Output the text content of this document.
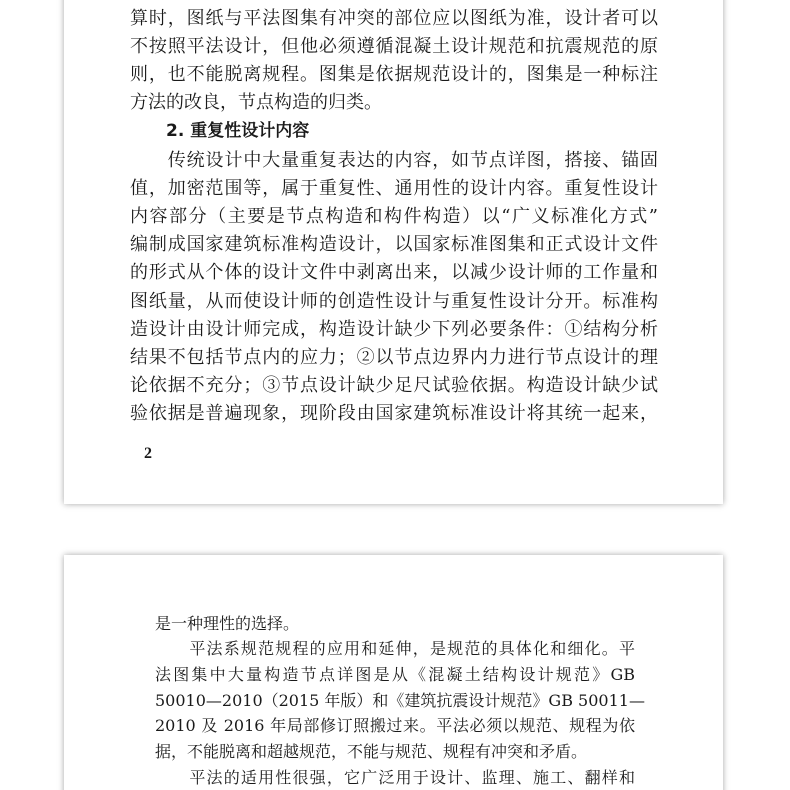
算时，图纸与平法图集有冲突的部位应以图纸为准，设计者可以
不按照平法设计，但他必须遵循混凝土设计规范和抗震规范的原
则，也不能脱离规程。图集是依据规范设计的，图集是一种标注
方法的改良，节点构造的归类。
2. 重复性设计内容
　　传统设计中大量重复表达的内容，如节点详图，搭接、锚固
值，加密范围等，属于重复性、通用性的设计内容。重复性设计
内容部分（主要是节点构造和构件构造）以“广义标准化方式”
编制成国家建筑标准构造设计，以国家标准图集和正式设计文件
的形式从个体的设计文件中剥离出来，以减少设计师的工作量和
图纸量，从而使设计师的创造性设计与重复性设计分开。标准构
造设计由设计师完成，构造设计缺少下列必要条件：①结构分析
结果不包括节点内的应力；②以节点边界内力进行节点设计的理
论依据不充分；③节点设计缺少足尺试验依据。构造设计缺少试
验依据是普遍现象，现阶段由国家建筑标准设计将其统一起来，
2
是一种理性的选择。
　　平法系规范规程的应用和延伸，是规范的具体化和细化。平
法图集中大量构造节点详图是从《混凝土结构设计规范》GB
50010—2010（2015 年版）和《建筑抗震设计规范》GB 50011—
2010 及 2016 年局部修订照搬过来。平法必须以规范、规程为依
据，不能脱离和超越规范，不能与规范、规程有冲突和矛盾。
　　平法的适用性很强，它广泛用于设计、监理、施工、翻样和
